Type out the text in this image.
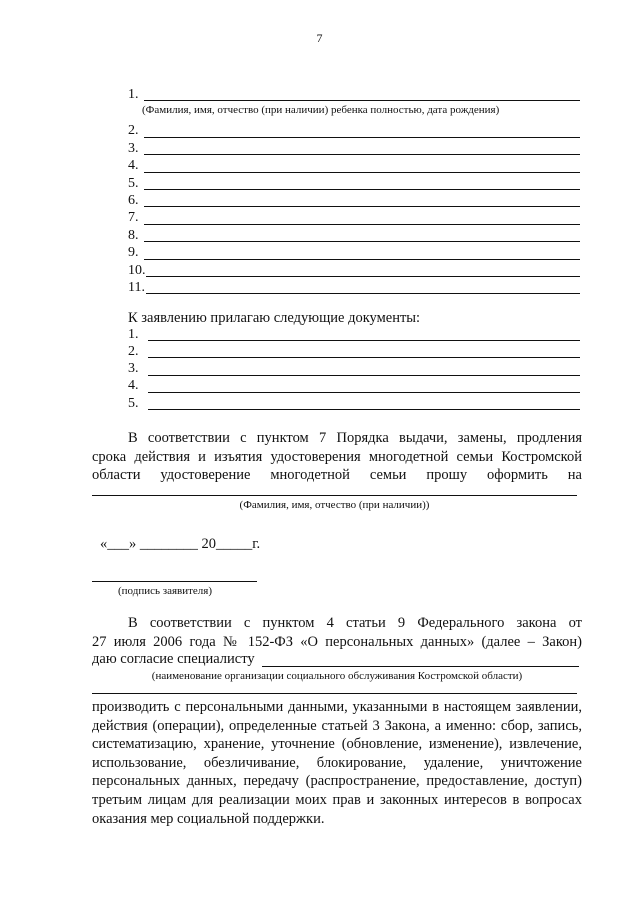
7
1.
2.
3.
4.
5.
6.
7.
8.
9.
10.
11.
(Фамилия, имя, отчество (при наличии) ребенка полностью, дата рождения)
К заявлению прилагаю следующие документы:
1.
2.
3.
4.
5.
В соответствии с пунктом 7 Порядка выдачи, замены, продления
срока действия и изъятия удостоверения многодетной семьи Костромской
области удостоверение многодетной семьи прошу оформить на
(Фамилия, имя, отчество (при наличии))
«___» ________ 20_____г.
(подпись заявителя)
В соответствии с пунктом 4 статьи 9 Федерального закона от
27 июля 2006 года № 152-ФЗ «О персональных данных» (далее – Закон)
даю согласие специалисту
(наименование организации социального обслуживания Костромской области)
производить с персональными данными, указанными в настоящем заявлении, действия (операции), определенные статьей 3 Закона, а именно: сбор, запись, систематизацию, хранение, уточнение (обновление, изменение), извлечение, использование, обезличивание, блокирование, удаление, уничтожение персональных данных, передачу (распространение, предоставление, доступ) третьим лицам для реализации моих прав и законных интересов в вопросах оказания мер социальной поддержки.
